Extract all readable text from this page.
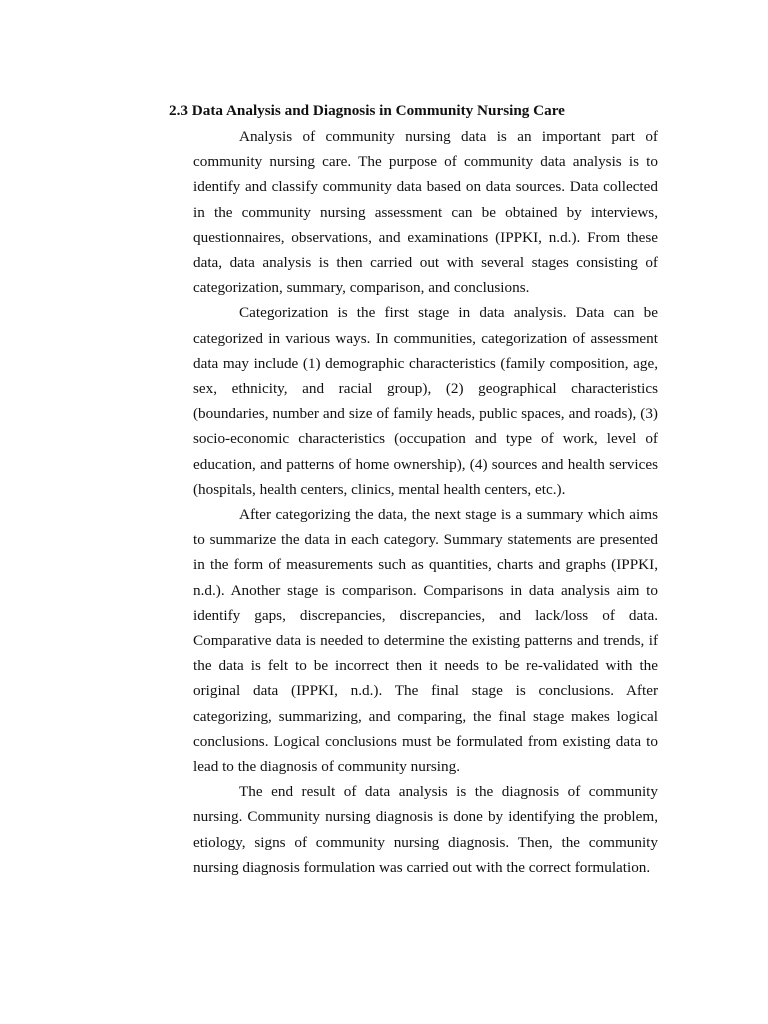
2.3 Data Analysis and Diagnosis in Community Nursing Care

Analysis of community nursing data is an important part of community nursing care. The purpose of community data analysis is to identify and classify community data based on data sources. Data collected in the community nursing assessment can be obtained by interviews, questionnaires, observations, and examinations (IPPKI, n.d.). From these data, data analysis is then carried out with several stages consisting of categorization, summary, comparison, and conclusions.

Categorization is the first stage in data analysis. Data can be categorized in various ways. In communities, categorization of assessment data may include (1) demographic characteristics (family composition, age, sex, ethnicity, and racial group), (2) geographical characteristics (boundaries, number and size of family heads, public spaces, and roads), (3) socio-economic characteristics (occupation and type of work, level of education, and patterns of home ownership), (4) sources and health services (hospitals, health centers, clinics, mental health centers, etc.).

After categorizing the data, the next stage is a summary which aims to summarize the data in each category. Summary statements are presented in the form of measurements such as quantities, charts and graphs (IPPKI, n.d.). Another stage is comparison. Comparisons in data analysis aim to identify gaps, discrepancies, discrepancies, and lack/loss of data. Comparative data is needed to determine the existing patterns and trends, if the data is felt to be incorrect then it needs to be re-validated with the original data (IPPKI, n.d.). The final stage is conclusions. After categorizing, summarizing, and comparing, the final stage makes logical conclusions. Logical conclusions must be formulated from existing data to lead to the diagnosis of community nursing.

The end result of data analysis is the diagnosis of community nursing. Community nursing diagnosis is done by identifying the problem, etiology, signs of community nursing diagnosis. Then, the community nursing diagnosis formulation was carried out with the correct formulation.
